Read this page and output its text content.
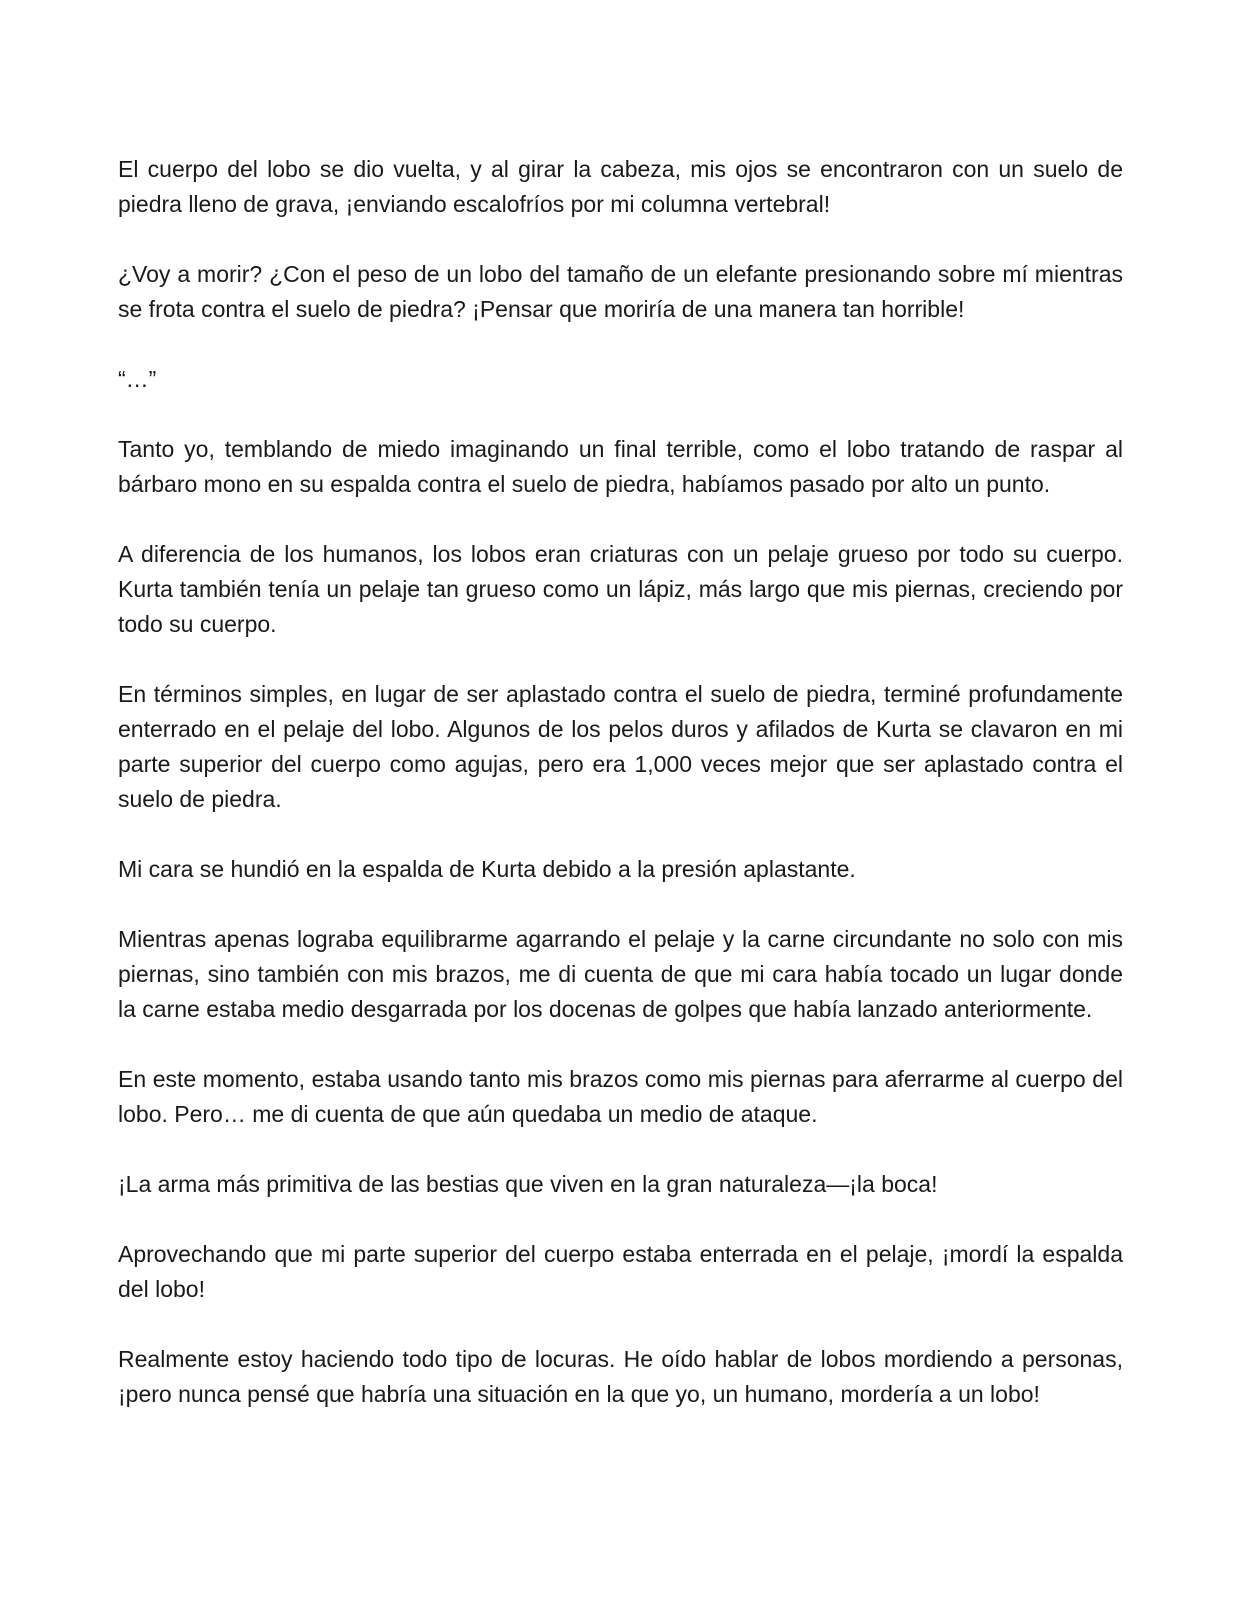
El cuerpo del lobo se dio vuelta, y al girar la cabeza, mis ojos se encontraron con un suelo de piedra lleno de grava, ¡enviando escalofríos por mi columna vertebral!

¿Voy a morir? ¿Con el peso de un lobo del tamaño de un elefante presionando sobre mí mientras se frota contra el suelo de piedra? ¡Pensar que moriría de una manera tan horrible!

“…”

Tanto yo, temblando de miedo imaginando un final terrible, como el lobo tratando de raspar al bárbaro mono en su espalda contra el suelo de piedra, habíamos pasado por alto un punto.

A diferencia de los humanos, los lobos eran criaturas con un pelaje grueso por todo su cuerpo. Kurta también tenía un pelaje tan grueso como un lápiz, más largo que mis piernas, creciendo por todo su cuerpo.

En términos simples, en lugar de ser aplastado contra el suelo de piedra, terminé profundamente enterrado en el pelaje del lobo. Algunos de los pelos duros y afilados de Kurta se clavaron en mi parte superior del cuerpo como agujas, pero era 1,000 veces mejor que ser aplastado contra el suelo de piedra.

Mi cara se hundió en la espalda de Kurta debido a la presión aplastante.

Mientras apenas lograba equilibrarme agarrando el pelaje y la carne circundante no solo con mis piernas, sino también con mis brazos, me di cuenta de que mi cara había tocado un lugar donde la carne estaba medio desgarrada por los docenas de golpes que había lanzado anteriormente.

En este momento, estaba usando tanto mis brazos como mis piernas para aferrarme al cuerpo del lobo. Pero… me di cuenta de que aún quedaba un medio de ataque.

¡La arma más primitiva de las bestias que viven en la gran naturaleza—¡la boca!

Aprovechando que mi parte superior del cuerpo estaba enterrada en el pelaje, ¡mordí la espalda del lobo!

Realmente estoy haciendo todo tipo de locuras. He oído hablar de lobos mordiendo a personas, ¡pero nunca pensé que habría una situación en la que yo, un humano, mordería a un lobo!
